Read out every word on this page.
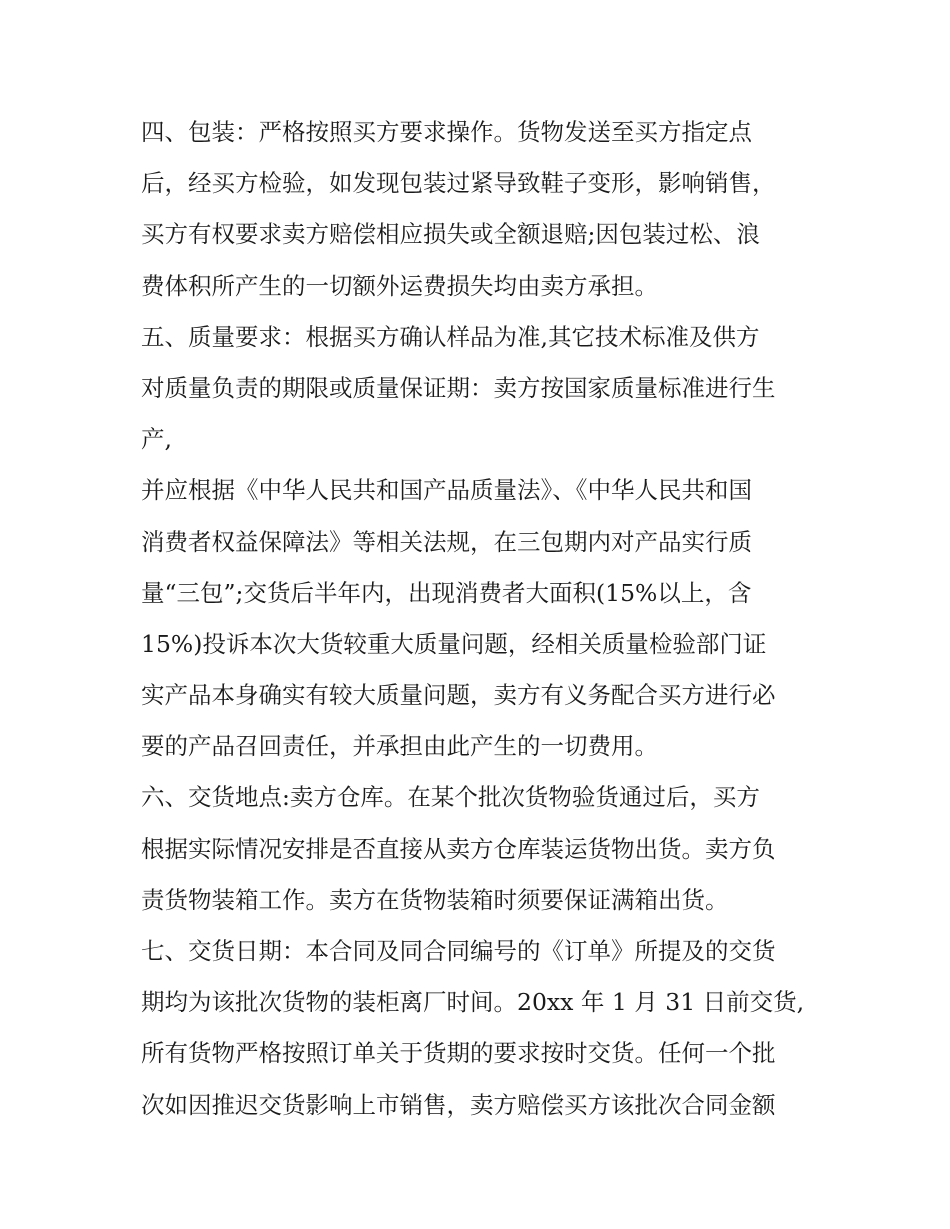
四、包装：严格按照买方要求操作。货物发送至买方指定点
后，经买方检验，如发现包装过紧导致鞋子变形，影响销售，
买方有权要求卖方赔偿相应损失或全额退赔;因包装过松、浪
费体积所产生的一切额外运费损失均由卖方承担。
五、质量要求：根据买方确认样品为准,其它技术标准及供方
对质量负责的期限或质量保证期：卖方按国家质量标准进行生
产,
并应根据《中华人民共和国产品质量法》、《中华人民共和国
消费者权益保障法》等相关法规，在三包期内对产品实行质
量“三包”;交货后半年内，出现消费者大面积(15%以上，含
15%)投诉本次大货较重大质量问题，经相关质量检验部门证
实产品本身确实有较大质量问题，卖方有义务配合买方进行必
要的产品召回责任，并承担由此产生的一切费用。
六、交货地点:卖方仓库。在某个批次货物验货通过后，买方
根据实际情况安排是否直接从卖方仓库装运货物出货。卖方负
责货物装箱工作。卖方在货物装箱时须要保证满箱出货。
七、交货日期：本合同及同合同编号的《订单》所提及的交货
期均为该批次货物的装柜离厂时间。20xx 年 1 月 31 日前交货,
所有货物严格按照订单关于货期的要求按时交货。任何一个批
次如因推迟交货影响上市销售，卖方赔偿买方该批次合同金额
